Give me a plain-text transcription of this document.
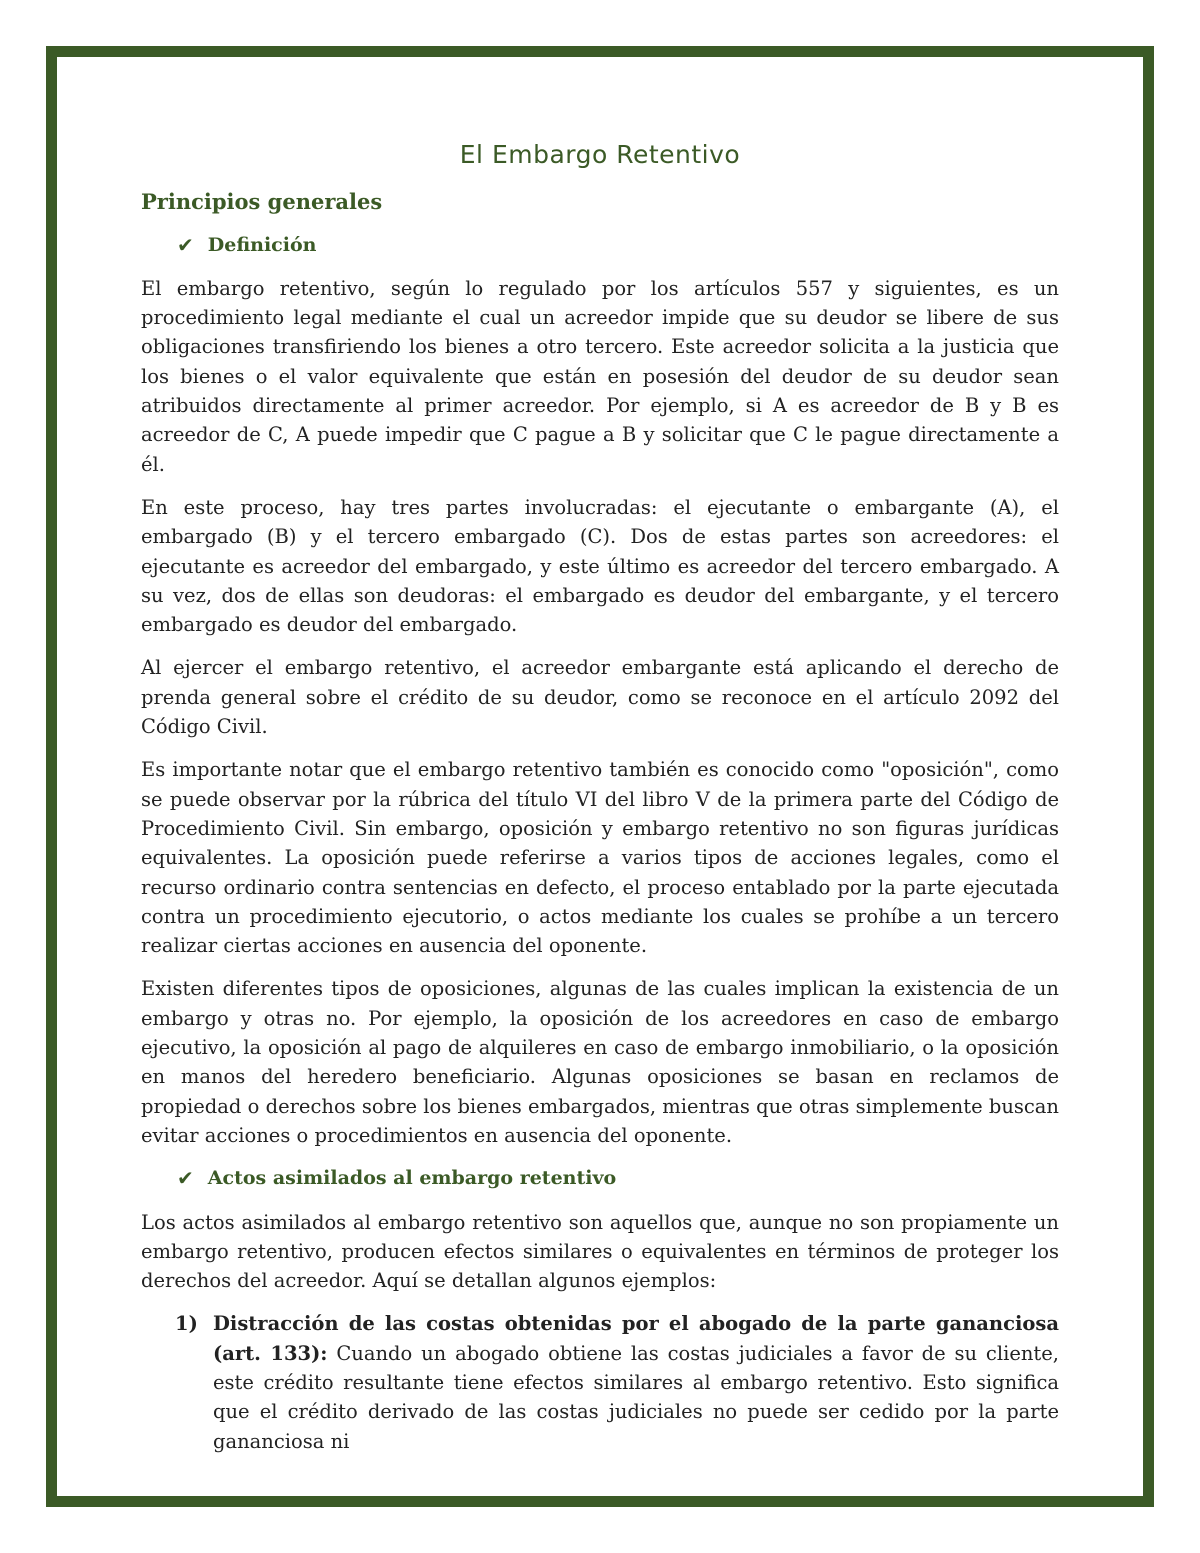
El Embargo Retentivo
Principios generales
✔ Definición

El embargo retentivo, según lo regulado por los artículos 557 y siguientes, es un procedimiento legal mediante el cual un acreedor impide que su deudor se libere de sus obligaciones transfiriendo los bienes a otro tercero. Este acreedor solicita a la justicia que los bienes o el valor equivalente que están en posesión del deudor de su deudor sean atribuidos directamente al primer acreedor. Por ejemplo, si A es acreedor de B y B es acreedor de C, A puede impedir que C pague a B y solicitar que C le pague directamente a él.

En este proceso, hay tres partes involucradas: el ejecutante o embargante (A), el embargado (B) y el tercero embargado (C). Dos de estas partes son acreedores: el ejecutante es acreedor del embargado, y este último es acreedor del tercero embargado. A su vez, dos de ellas son deudoras: el embargado es deudor del embargante, y el tercero embargado es deudor del embargado.

Al ejercer el embargo retentivo, el acreedor embargante está aplicando el derecho de prenda general sobre el crédito de su deudor, como se reconoce en el artículo 2092 del Código Civil.

Es importante notar que el embargo retentivo también es conocido como "oposición", como se puede observar por la rúbrica del título VI del libro V de la primera parte del Código de Procedimiento Civil. Sin embargo, oposición y embargo retentivo no son figuras jurídicas equivalentes. La oposición puede referirse a varios tipos de acciones legales, como el recurso ordinario contra sentencias en defecto, el proceso entablado por la parte ejecutada contra un procedimiento ejecutorio, o actos mediante los cuales se prohíbe a un tercero realizar ciertas acciones en ausencia del oponente.

Existen diferentes tipos de oposiciones, algunas de las cuales implican la existencia de un embargo y otras no. Por ejemplo, la oposición de los acreedores en caso de embargo ejecutivo, la oposición al pago de alquileres en caso de embargo inmobiliario, o la oposición en manos del heredero beneficiario. Algunas oposiciones se basan en reclamos de propiedad o derechos sobre los bienes embargados, mientras que otras simplemente buscan evitar acciones o procedimientos en ausencia del oponente.

✔ Actos asimilados al embargo retentivo

Los actos asimilados al embargo retentivo son aquellos que, aunque no son propiamente un embargo retentivo, producen efectos similares o equivalentes en términos de proteger los derechos del acreedor. Aquí se detallan algunos ejemplos:

1) Distracción de las costas obtenidas por el abogado de la parte gananciosa (art. 133): Cuando un abogado obtiene las costas judiciales a favor de su cliente, este crédito resultante tiene efectos similares al embargo retentivo. Esto significa que el crédito derivado de las costas judiciales no puede ser cedido por la parte gananciosa ni
